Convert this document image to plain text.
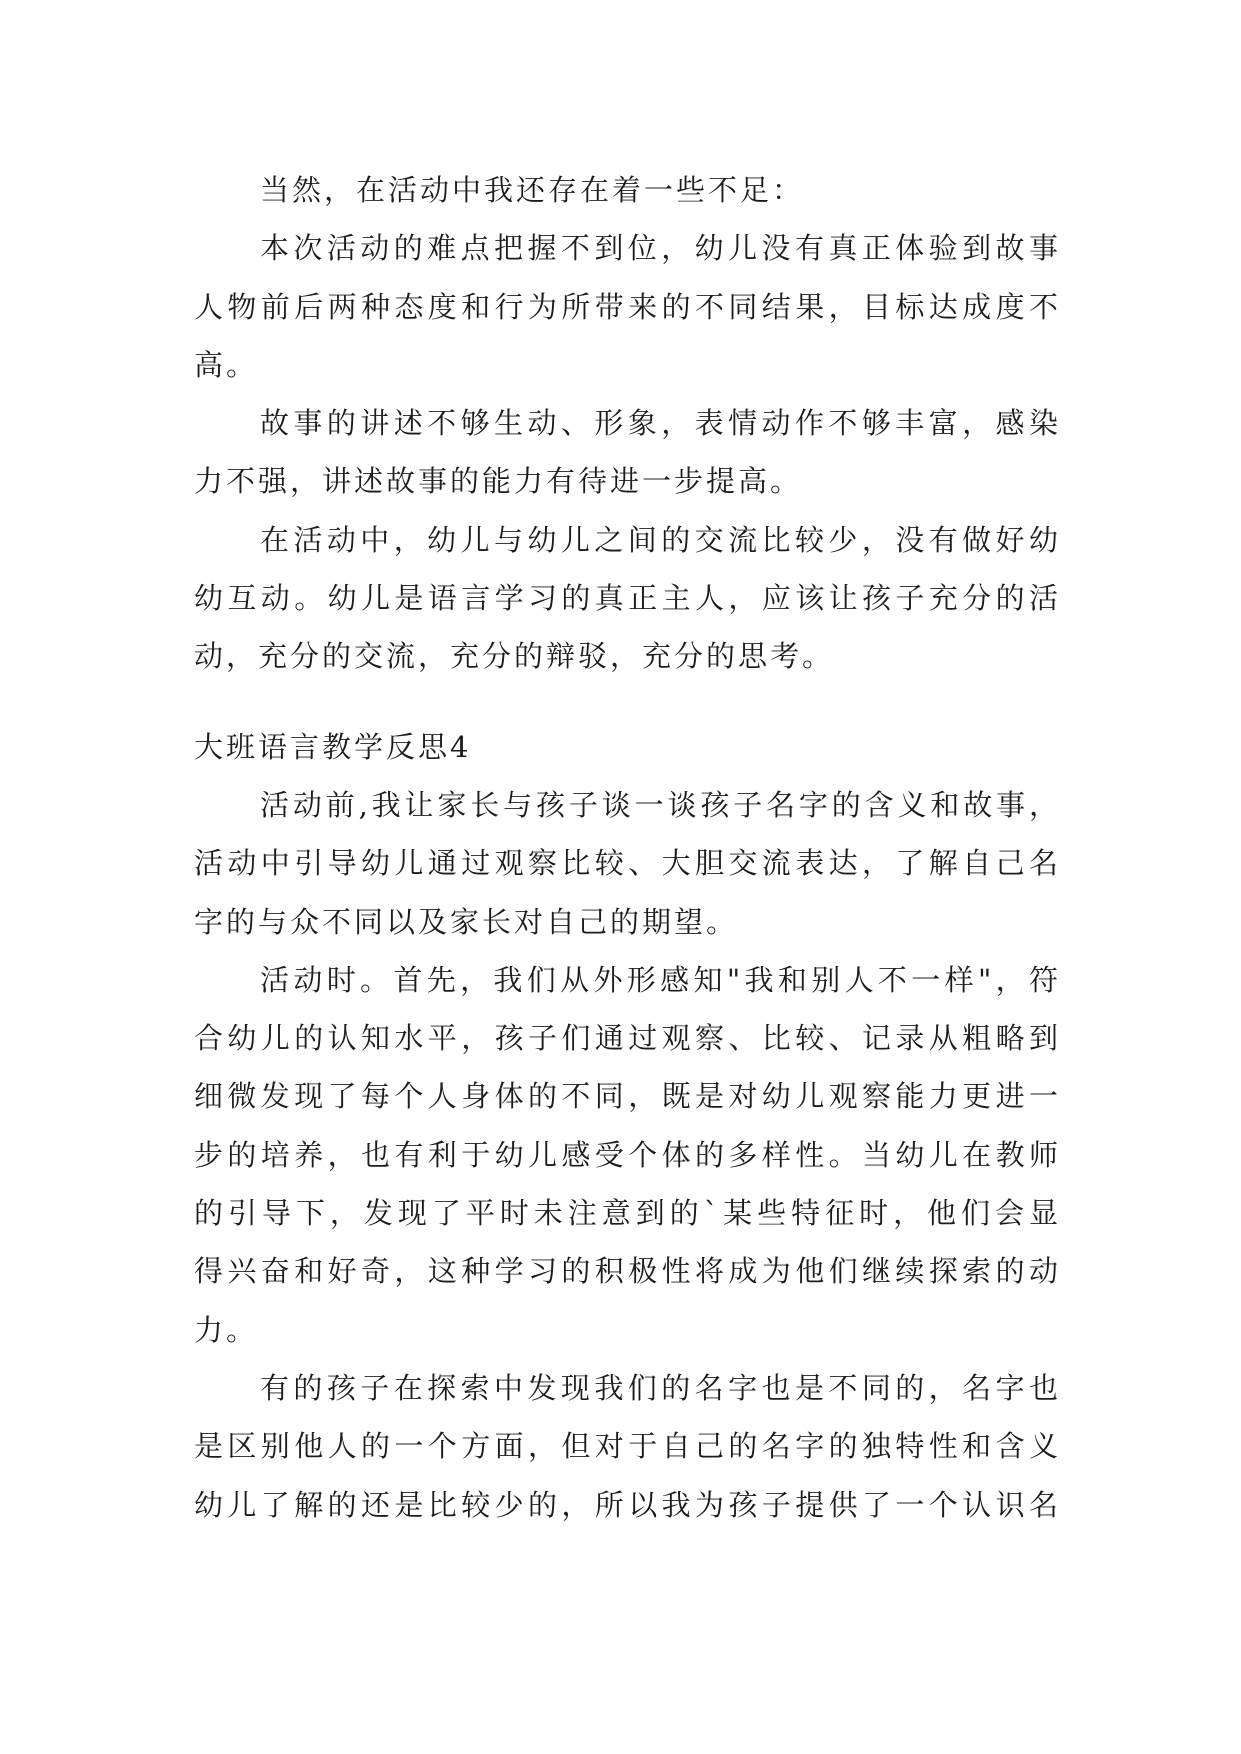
当然，在活动中我还存在着一些不足：

本次活动的难点把握不到位，幼儿没有真正体验到故事
人物前后两种态度和行为所带来的不同结果，目标达成度不
高。

故事的讲述不够生动、形象，表情动作不够丰富，感染
力不强，讲述故事的能力有待进一步提高。

在活动中，幼儿与幼儿之间的交流比较少，没有做好幼
幼互动。幼儿是语言学习的真正主人，应该让孩子充分的活
动，充分的交流，充分的辩驳，充分的思考。

大班语言教学反思4

活动前,我让家长与孩子谈一谈孩子名字的含义和故事，
活动中引导幼儿通过观察比较、大胆交流表达，了解自己名
字的与众不同以及家长对自己的期望。

活动时。首先，我们从外形感知"我和别人不一样"，符
合幼儿的认知水平，孩子们通过观察、比较、记录从粗略到
细微发现了每个人身体的不同，既是对幼儿观察能力更进一
步的培养，也有利于幼儿感受个体的多样性。当幼儿在教师
的引导下，发现了平时未注意到的`某些特征时，他们会显
得兴奋和好奇，这种学习的积极性将成为他们继续探索的动
力。

有的孩子在探索中发现我们的名字也是不同的，名字也
是区别他人的一个方面，但对于自己的名字的独特性和含义
幼儿了解的还是比较少的，所以我为孩子提供了一个认识名
